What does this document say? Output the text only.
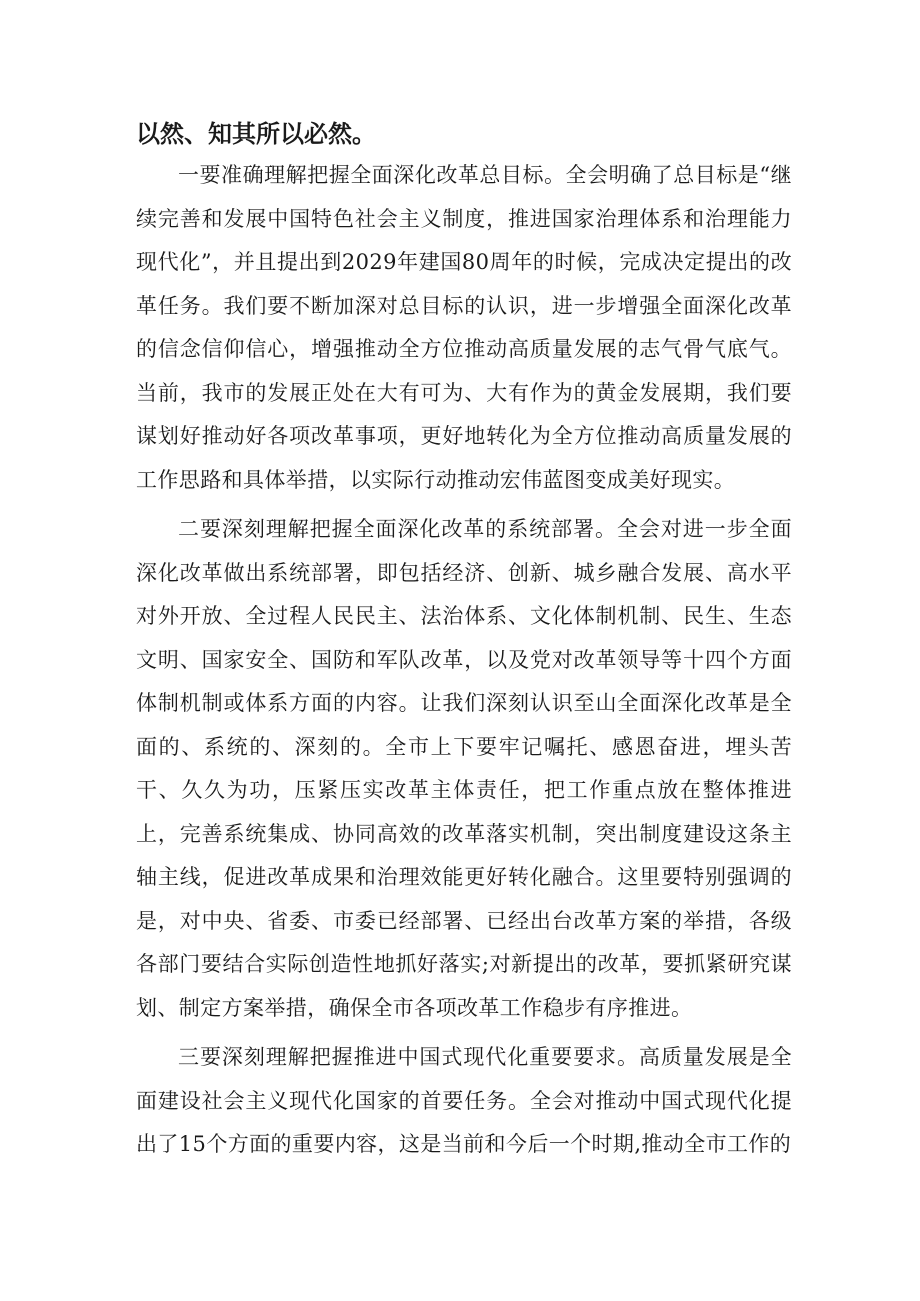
以然、知其所以必然。

一要准确理解把握全面深化改革总目标。全会明确了总目标是“继续完善和发展中国特色社会主义制度，推进国家治理体系和治理能力现代化”，并且提出到2029年建国80周年的时候，完成决定提出的改革任务。我们要不断加深对总目标的认识，进一步增强全面深化改革的信念信仰信心，增强推动全方位推动高质量发展的志气骨气底气。当前，我市的发展正处在大有可为、大有作为的黄金发展期，我们要谋划好推动好各项改革事项，更好地转化为全方位推动高质量发展的工作思路和具体举措，以实际行动推动宏伟蓝图变成美好现实。

二要深刻理解把握全面深化改革的系统部署。全会对进一步全面深化改革做出系统部署，即包括经济、创新、城乡融合发展、高水平对外开放、全过程人民民主、法治体系、文化体制机制、民生、生态文明、国家安全、国防和军队改革，以及党对改革领导等十四个方面体制机制或体系方面的内容。让我们深刻认识至山全面深化改革是全面的、系统的、深刻的。全市上下要牢记嘱托、感恩奋进，埋头苦干、久久为功，压紧压实改革主体责任，把工作重点放在整体推进上，完善系统集成、协同高效的改革落实机制，突出制度建设这条主轴主线，促进改革成果和治理效能更好转化融合。这里要特别强调的是，对中央、省委、市委已经部署、已经出台改革方案的举措，各级各部门要结合实际创造性地抓好落实;对新提出的改革，要抓紧研究谋划、制定方案举措，确保全市各项改革工作稳步有序推进。

三要深刻理解把握推进中国式现代化重要要求。高质量发展是全面建设社会主义现代化国家的首要任务。全会对推动中国式现代化提出了15个方面的重要内容，这是当前和今后一个时期,推动全市工作的
